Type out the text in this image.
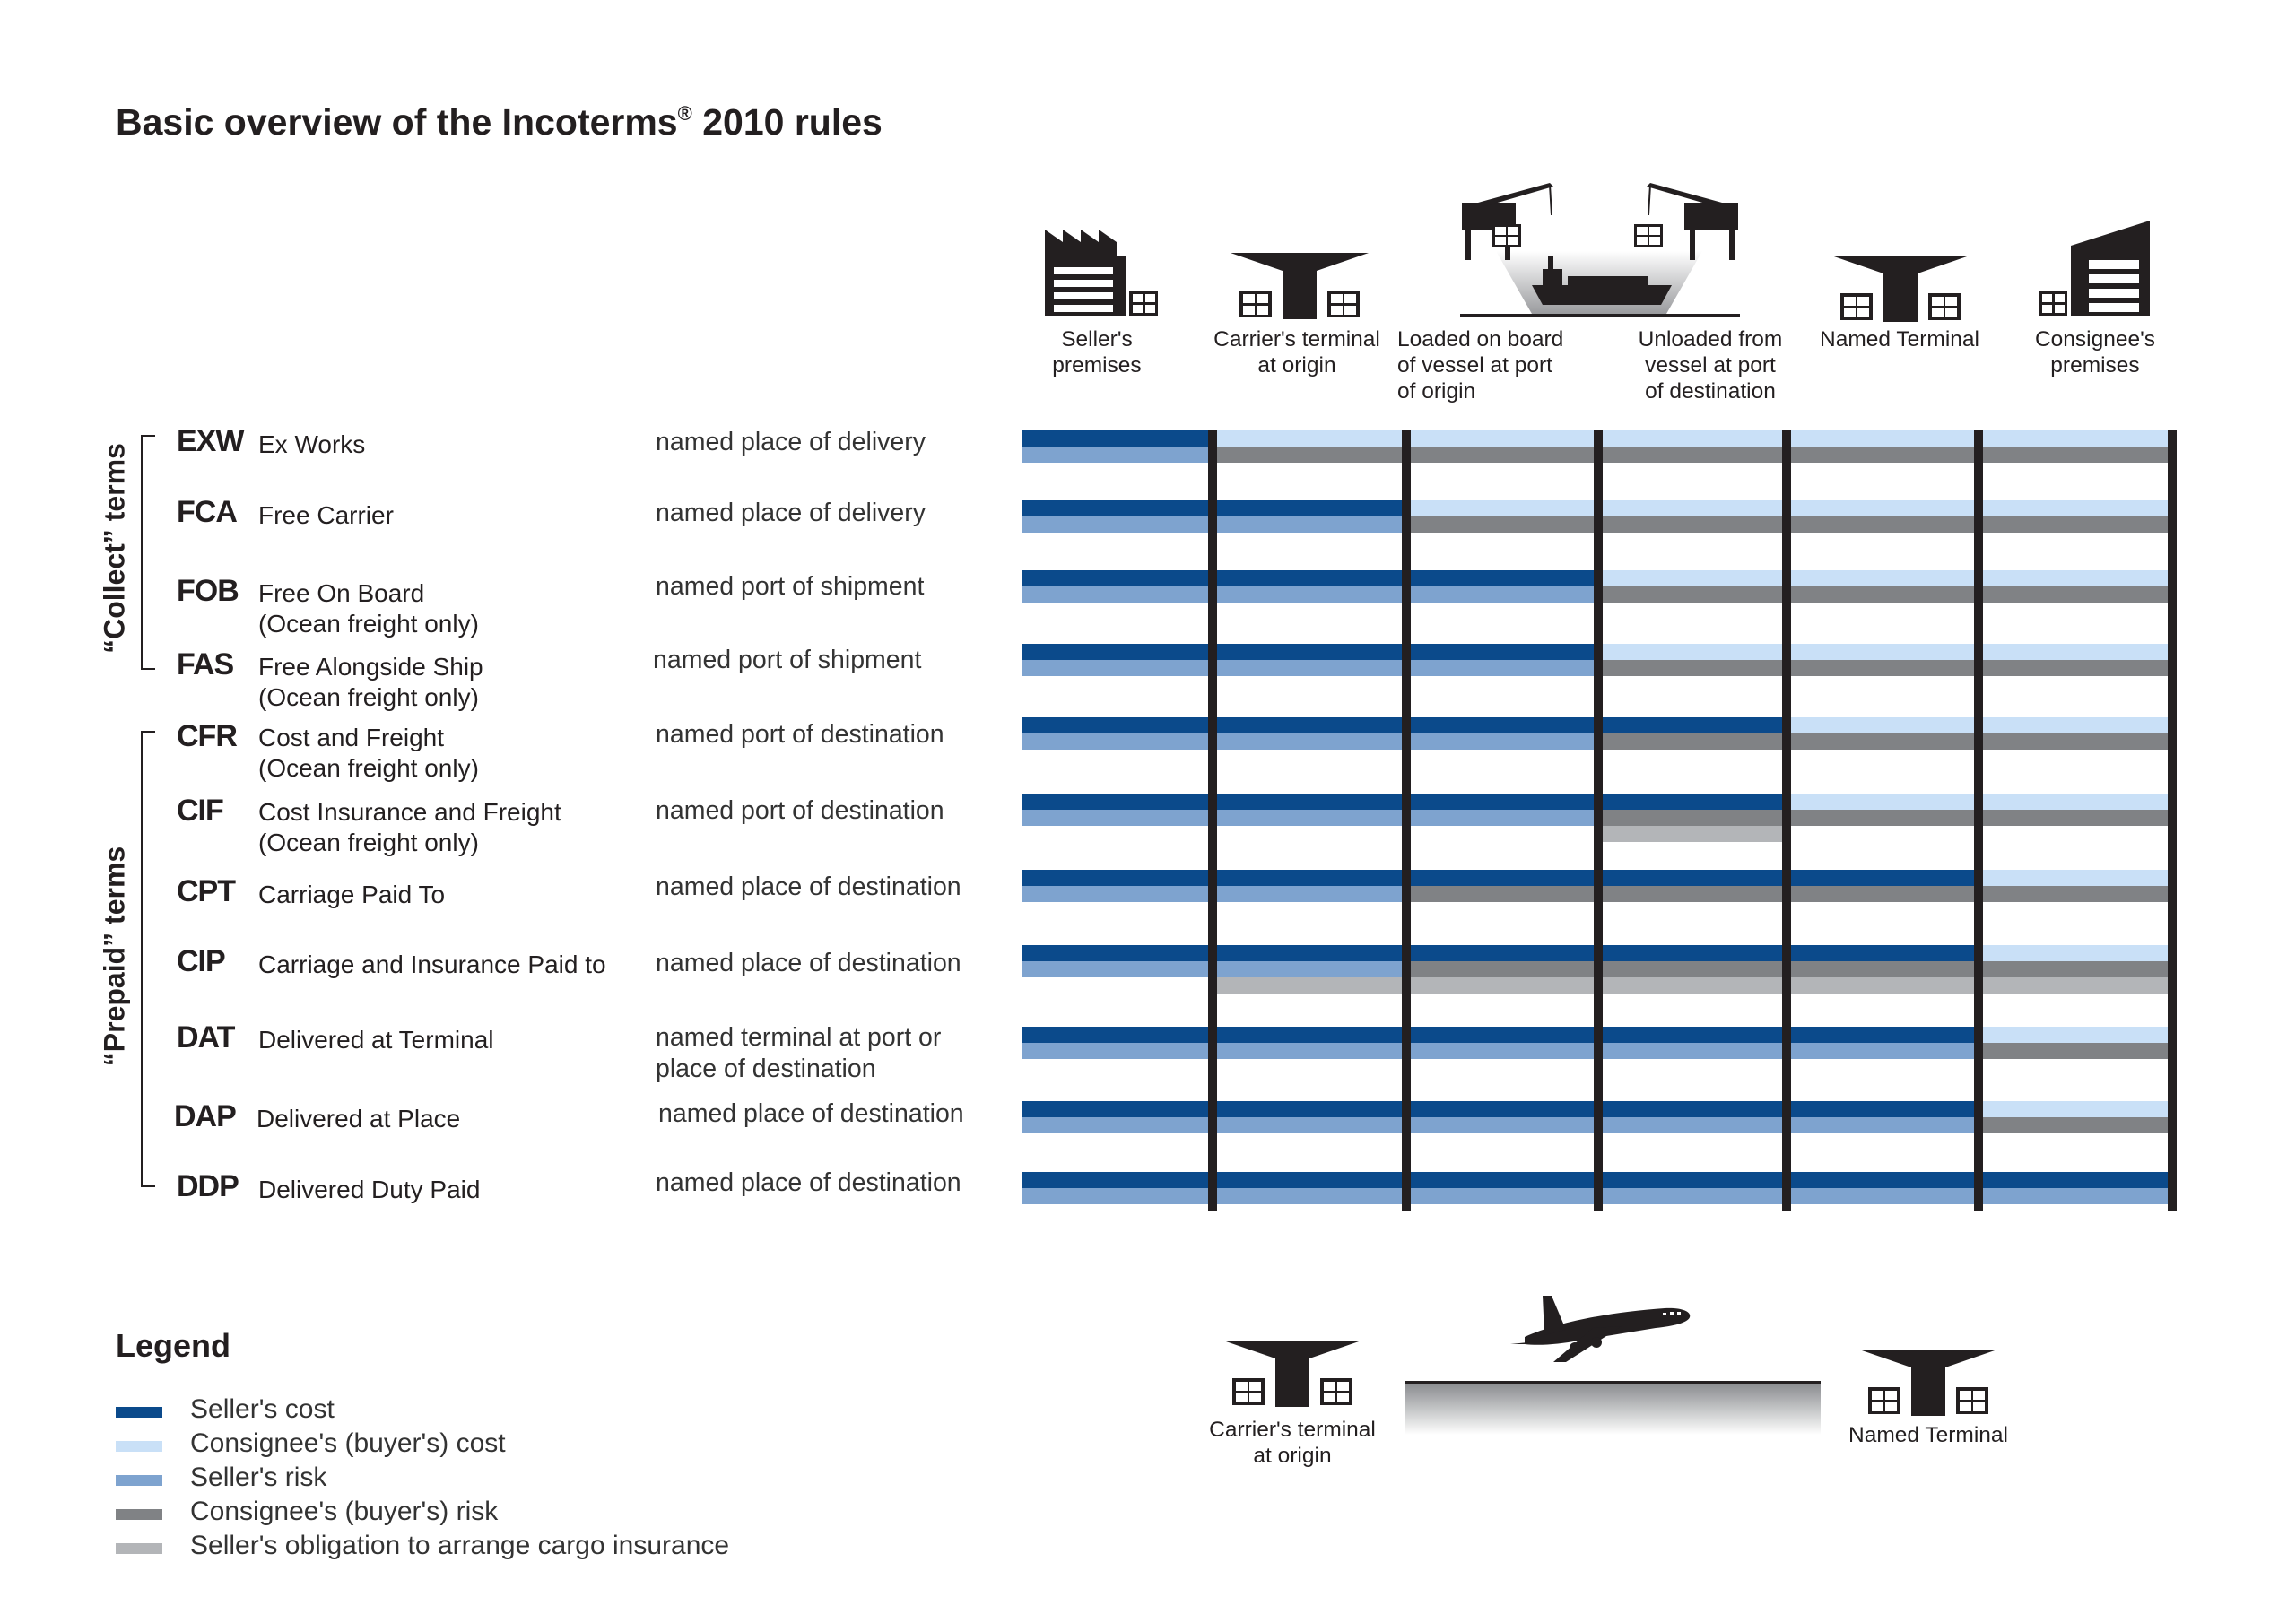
Basic overview of the Incoterms® 2010 rules
Seller's
premises
Carrier's terminal
at origin
Loaded on board
of vessel at port
of origin
Unloaded from
vessel at port
of destination
Named Terminal	Consignee's
premises
“Collect” terms
“Prepaid” terms
EXW Ex Works	named place of delivery
FCA Free Carrier	named place of delivery
FOB Free On Board
(Ocean freight only)
named port of shipment
FAS Free Alongside Ship
(Ocean freight only)
named port of shipment
CFR Cost and Freight
(Ocean freight only)
named port of destination
CIF Cost Insurance and Freight
(Ocean freight only)
named port of destination
CPT Carriage Paid To	named place of destination
CIP Carriage and Insurance Paid to named place of destination
DAT Delivered at Terminal	named terminal at port or
place of destination
DAP Delivered at Place	named place of destination
DDP Delivered Duty Paid	named place of destination
Legend
Seller's cost
Consignee's (buyer's) cost
Seller's risk
Consignee's (buyer's) risk
Seller's obligation to arrange cargo insurance
Carrier's terminal
at origin
Named Terminal
